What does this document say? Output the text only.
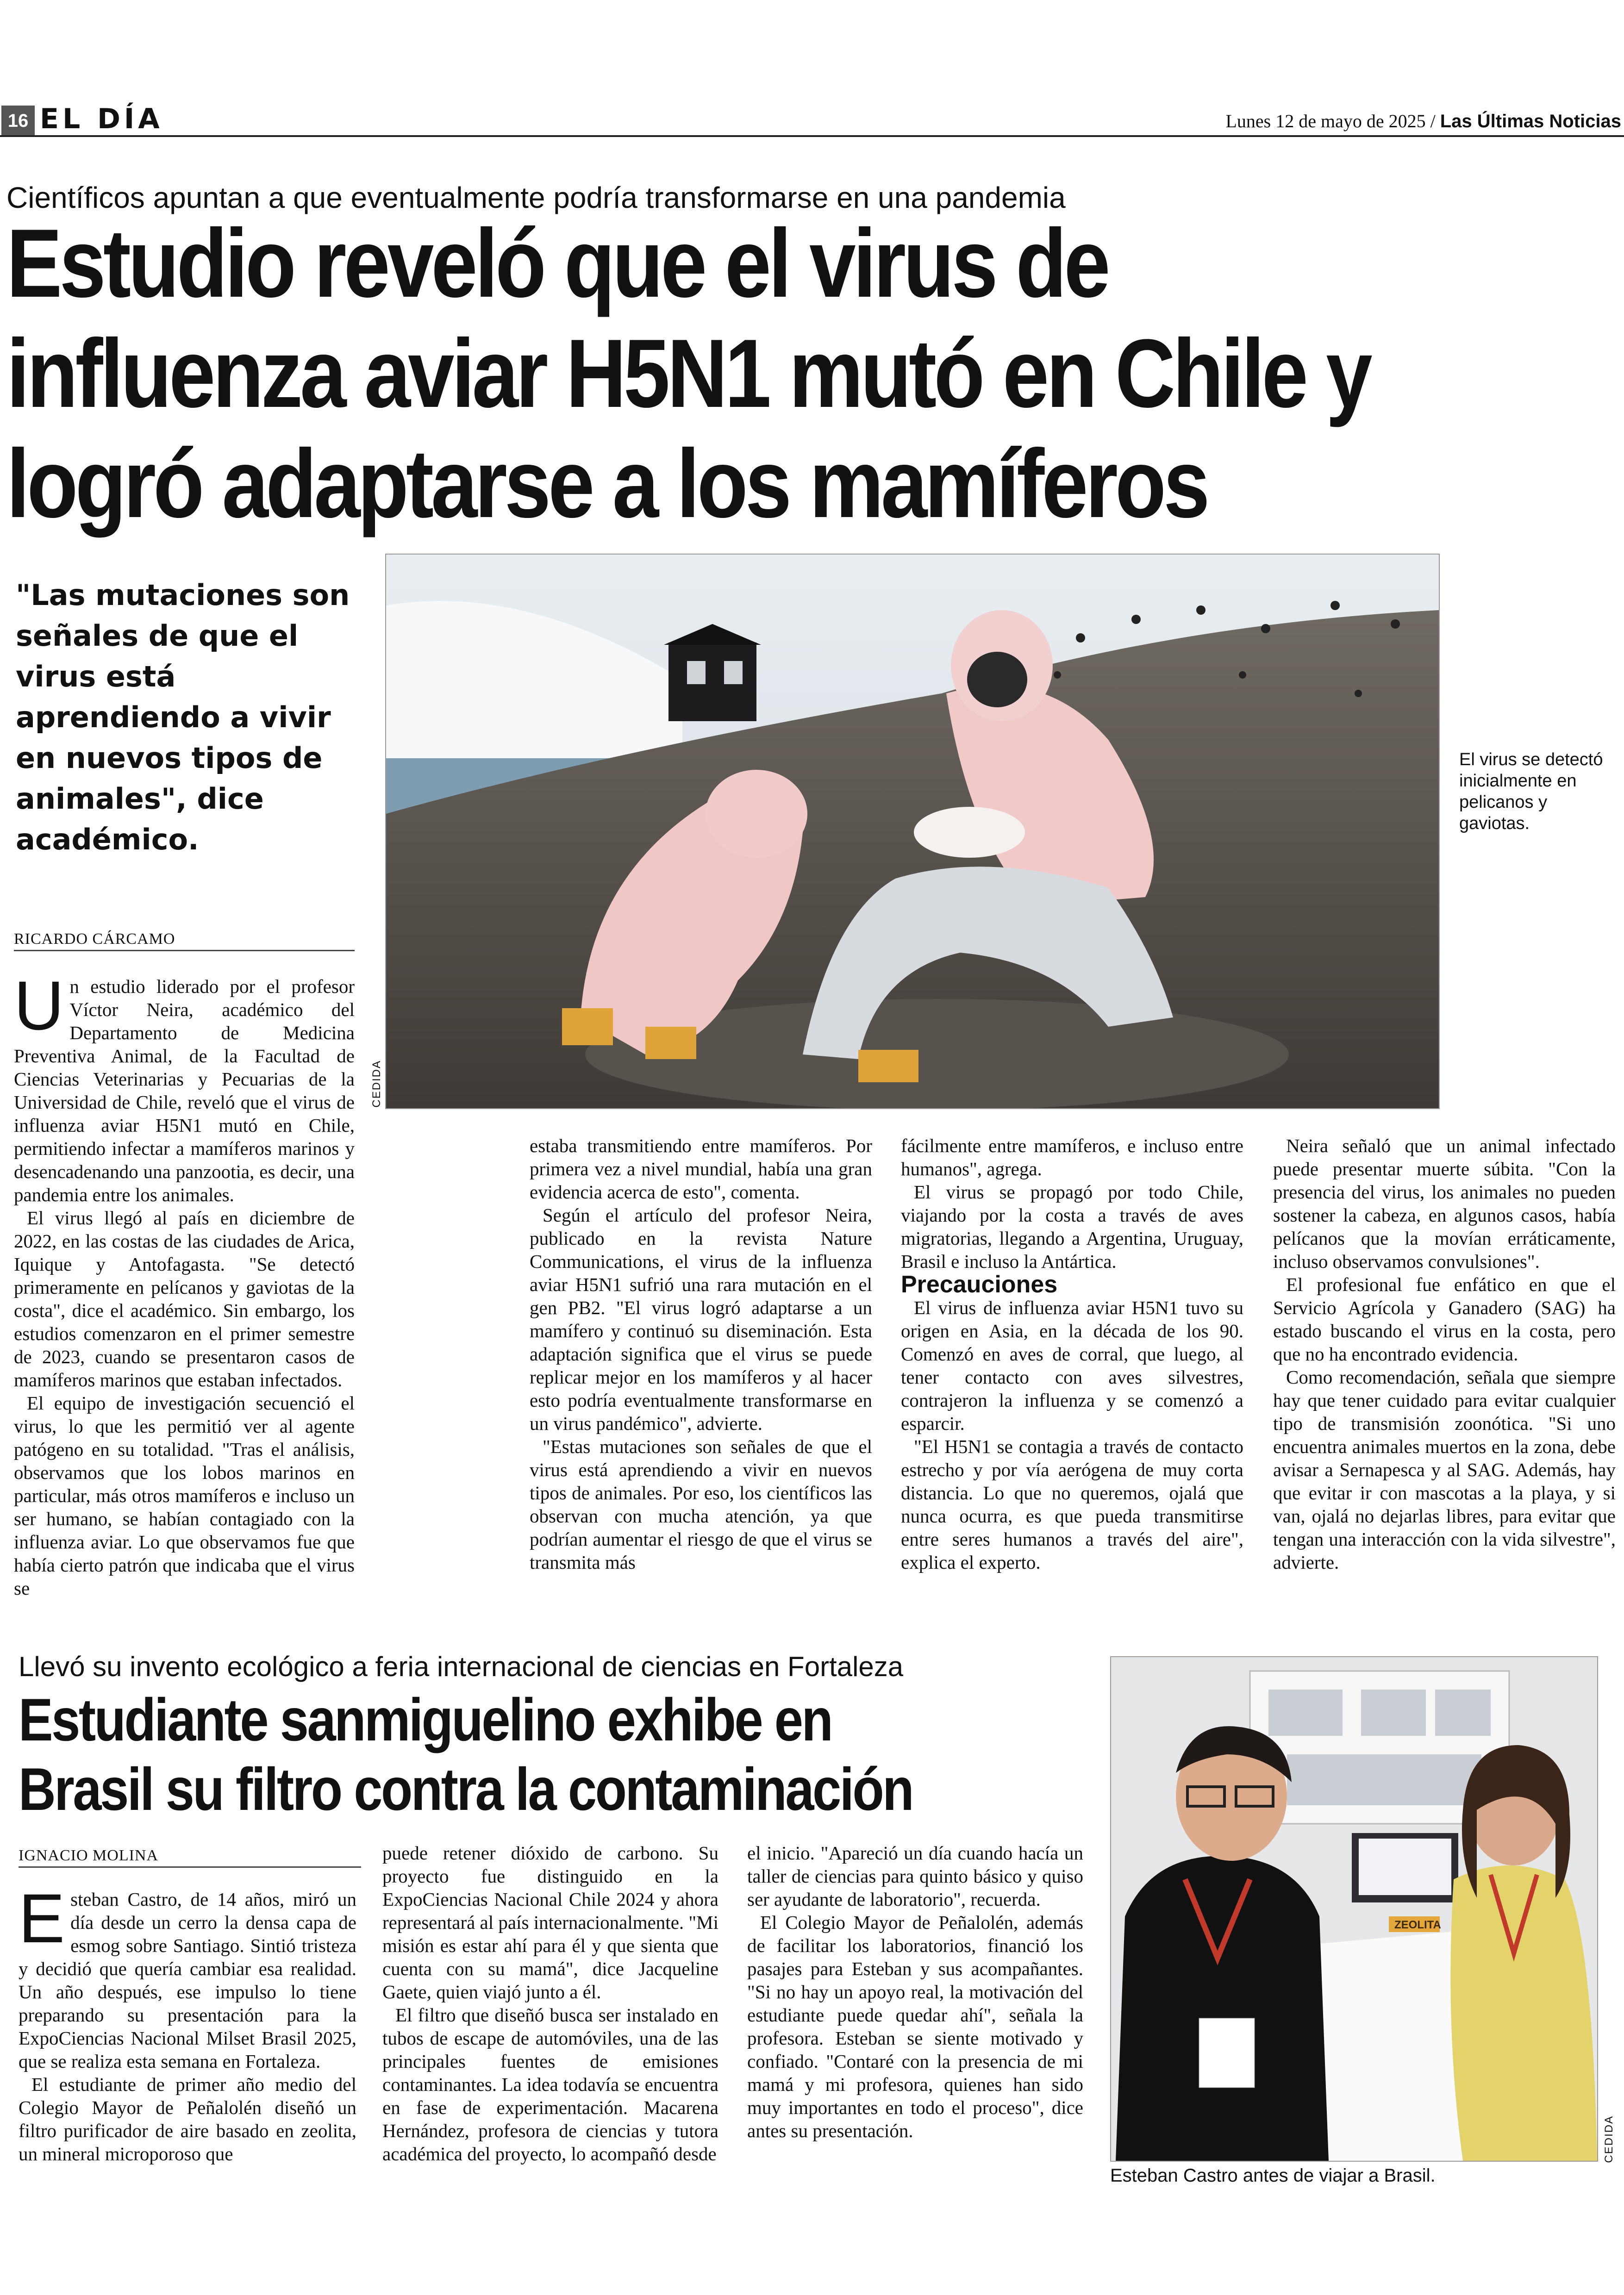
16 EL DÍA	Lunes 12 de mayo de 2025 / Las Últimas Noticias
Científicos apuntan a que eventualmente podría transformarse en una pandemia
Estudio reveló que el virus de influenza aviar H5N1 mutó en Chile y logró adaptarse a los mamíferos
"Las mutaciones son señales de que el virus está aprendiendo a vivir en nuevos tipos de animales", dice académico.
RICARDO CÁRCAMO
CEDIDA
El virus se detectó inicialmente en pelicanos y gaviotas.

Un estudio liderado por el profesor Víctor Neira, académico del Departamento de Medicina Preventiva Animal, de la Facultad de Ciencias Veterinarias y Pecuarias de la Universidad de Chile, reveló que el virus de influenza aviar H5N1 mutó en Chile, permitiendo infectar a mamíferos marinos y desencadenando una panzootia, es decir, una pandemia entre los animales.

El virus llegó al país en diciembre de 2022, en las costas de las ciudades de Arica, Iquique y Antofagasta. "Se detectó primeramente en pelícanos y gaviotas de la costa", dice el académico. Sin embargo, los estudios comenzaron en el primer semestre de 2023, cuando se presentaron casos de mamíferos marinos que estaban infectados.

El equipo de investigación secuenció el virus, lo que les permitió ver al agente patógeno en su totalidad. "Tras el análisis, observamos que los lobos marinos en particular, más otros mamíferos e incluso un ser humano, se habían contagiado con la influenza aviar. Lo que observamos fue que había cierto patrón que indicaba que el virus se

estaba transmitiendo entre mamíferos. Por primera vez a nivel mundial, había una gran evidencia acerca de esto", comenta.

Según el artículo del profesor Neira, publicado en la revista Nature Communications, el virus de la influenza aviar H5N1 sufrió una rara mutación en el gen PB2. "El virus logró adaptarse a un mamífero y continuó su diseminación. Esta adaptación significa que el virus se puede replicar mejor en los mamíferos y al hacer esto podría eventualmente transformarse en un virus pandémico", advierte.

"Estas mutaciones son señales de que el virus está aprendiendo a vivir en nuevos tipos de animales. Por eso, los científicos las observan con mucha atención, ya que podrían aumentar el riesgo de que el virus se transmita más

fácilmente entre mamíferos, e incluso entre humanos", agrega.

El virus se propagó por todo Chile, viajando por la costa a través de aves migratorias, llegando a Argentina, Uruguay, Brasil e incluso la Antártica.

Precauciones

El virus de influenza aviar H5N1 tuvo su origen en Asia, en la década de los 90. Comenzó en aves de corral, que luego, al tener contacto con aves silvestres, contrajeron la influenza y se comenzó a esparcir.

"El H5N1 se contagia a través de contacto estrecho y por vía aerógena de muy corta distancia. Lo que no queremos, ojalá que nunca ocurra, es que pueda transmitirse entre seres humanos a través del aire", explica el experto.

Neira señaló que un animal infectado puede presentar muerte súbita. "Con la presencia del virus, los animales no pueden sostener la cabeza, en algunos casos, había pelícanos que la movían erráticamente, incluso observamos convulsiones".

El profesional fue enfático en que el Servicio Agrícola y Ganadero (SAG) ha estado buscando el virus en la costa, pero que no ha encontrado evidencia.

Como recomendación, señala que siempre hay que tener cuidado para evitar cualquier tipo de transmisión zoonótica. "Si uno encuentra animales muertos en la zona, debe avisar a Sernapesca y al SAG. Además, hay que evitar ir con mascotas a la playa, y si van, ojalá no dejarlas libres, para evitar que tengan una interacción con la vida silvestre", advierte.

Llevó su invento ecológico a feria internacional de ciencias en Fortaleza
Estudiante sanmiguelino exhibe en Brasil su filtro contra la contaminación
IGNACIO MOLINA

Esteban Castro, de 14 años, miró un día desde un cerro la densa capa de esmog sobre Santiago. Sintió tristeza y decidió que quería cambiar esa realidad. Un año después, ese impulso lo tiene preparando su presentación para la ExpoCiencias Nacional Milset Brasil 2025, que se realiza esta semana en Fortaleza.

El estudiante de primer año medio del Colegio Mayor de Peñalolén diseñó un filtro purificador de aire basado en zeolita, un mineral microporoso que

puede retener dióxido de carbono. Su proyecto fue distinguido en la ExpoCiencias Nacional Chile 2024 y ahora representará al país internacionalmente. "Mi misión es estar ahí para él y que sienta que cuenta con su mamá", dice Jacqueline Gaete, quien viajó junto a él.

El filtro que diseñó busca ser instalado en tubos de escape de automóviles, una de las principales fuentes de emisiones contaminantes. La idea todavía se encuentra en fase de experimentación. Macarena Hernández, profesora de ciencias y tutora académica del proyecto, lo acompañó desde

el inicio. "Apareció un día cuando hacía un taller de ciencias para quinto básico y quiso ser ayudante de laboratorio", recuerda.

El Colegio Mayor de Peñalolén, además de facilitar los laboratorios, financió los pasajes para Esteban y sus acompañantes. "Si no hay un apoyo real, la motivación del estudiante puede quedar ahí", señala la profesora. Esteban se siente motivado y confiado. "Contaré con la presencia de mi mamá y mi profesora, quienes han sido muy importantes en todo el proceso", dice antes su presentación.

ZEOLITA
CEDIDA
Esteban Castro antes de viajar a Brasil.
